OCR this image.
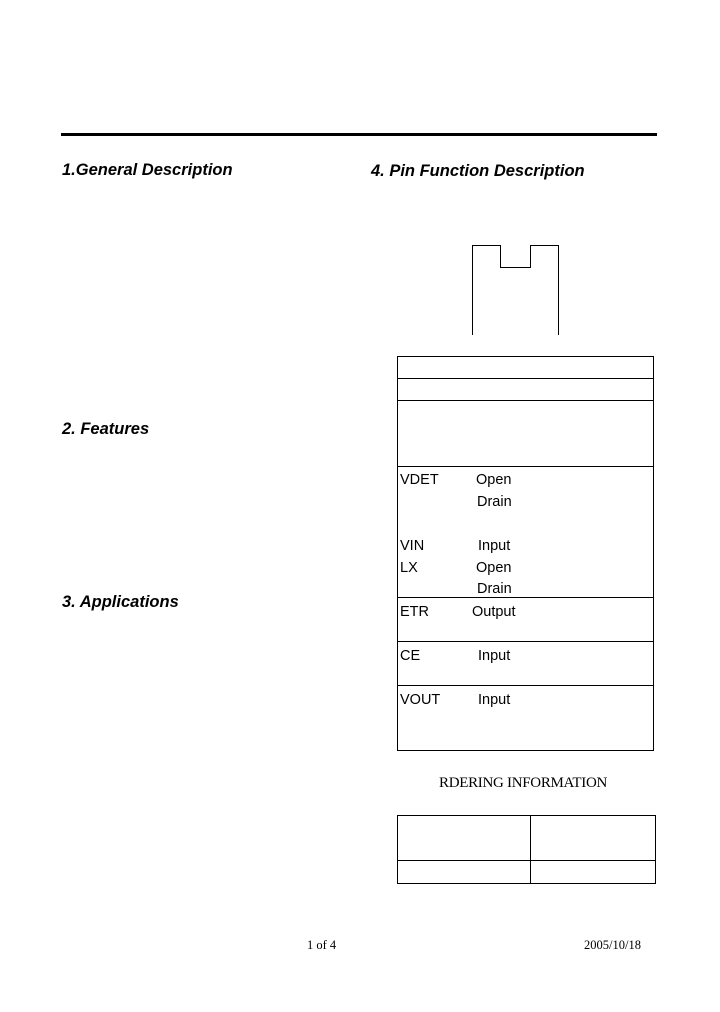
1.General Description	4. Pin Function Description
2. Features
3. Applications
VDET	Open
Drain
VIN	Input
LX	Open
Drain
ETR	Output
CE	Input
VOUT	Input
RDERING INFORMATION
1 of 4	2005/10/18
